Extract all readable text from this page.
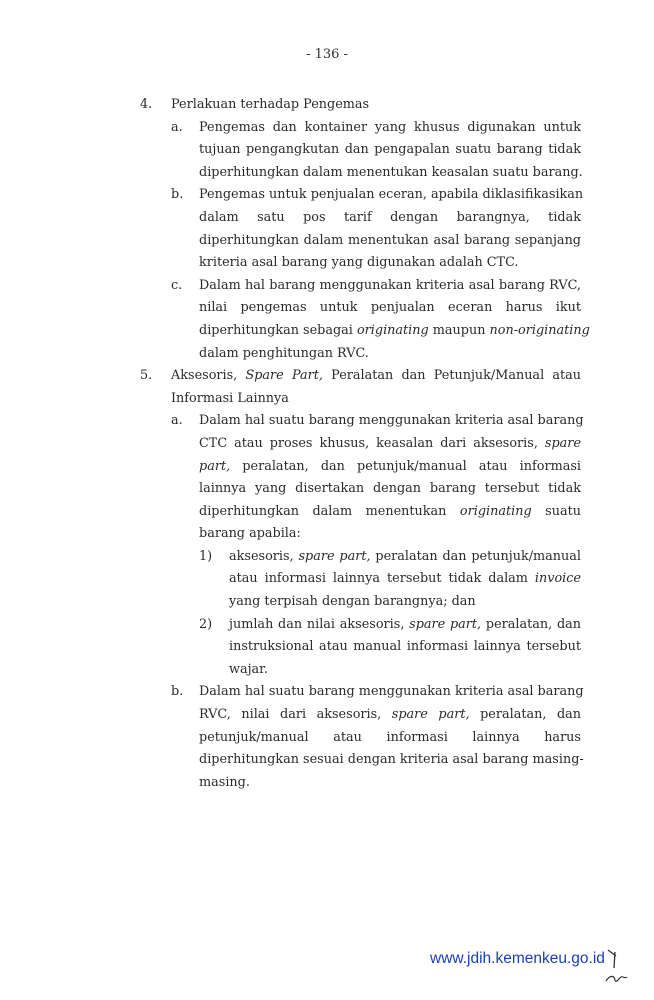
- 136 -
4. Perlakuan terhadap Pengemas

a. Pengemas dan kontainer yang khusus digunakan untuk
tujuan pengangkutan dan pengapalan suatu barang tidak
diperhitungkan dalam menentukan keasalan suatu barang.

b. Pengemas untuk penjualan eceran, apabila diklasifikasikan
dalam satu pos tarif dengan barangnya, tidak
diperhitungkan dalam menentukan asal barang sepanjang
kriteria asal barang yang digunakan adalah CTC.

c. Dalam hal barang menggunakan kriteria asal barang RVC,
nilai pengemas untuk penjualan eceran harus ikut
diperhitungkan sebagai originating maupun non-originating
dalam penghitungan RVC.

5. Aksesoris, Spare Part, Peralatan dan Petunjuk/Manual atau
Informasi Lainnya

a. Dalam hal suatu barang menggunakan kriteria asal barang
CTC atau proses khusus, keasalan dari aksesoris, spare
part, peralatan, dan petunjuk/manual atau informasi
lainnya yang disertakan dengan barang tersebut tidak
diperhitungkan dalam menentukan originating suatu
barang apabila:

1) aksesoris, spare part, peralatan dan petunjuk/manual
atau informasi lainnya tersebut tidak dalam invoice
yang terpisah dengan barangnya; dan

2) jumlah dan nilai aksesoris, spare part, peralatan, dan
instruksional atau manual informasi lainnya tersebut
wajar.

b. Dalam hal suatu barang menggunakan kriteria asal barang
RVC, nilai dari aksesoris, spare part, peralatan, dan
petunjuk/manual atau informasi lainnya harus
diperhitungkan sesuai dengan kriteria asal barang masing-
masing.

www.jdih.kemenkeu.go.id
